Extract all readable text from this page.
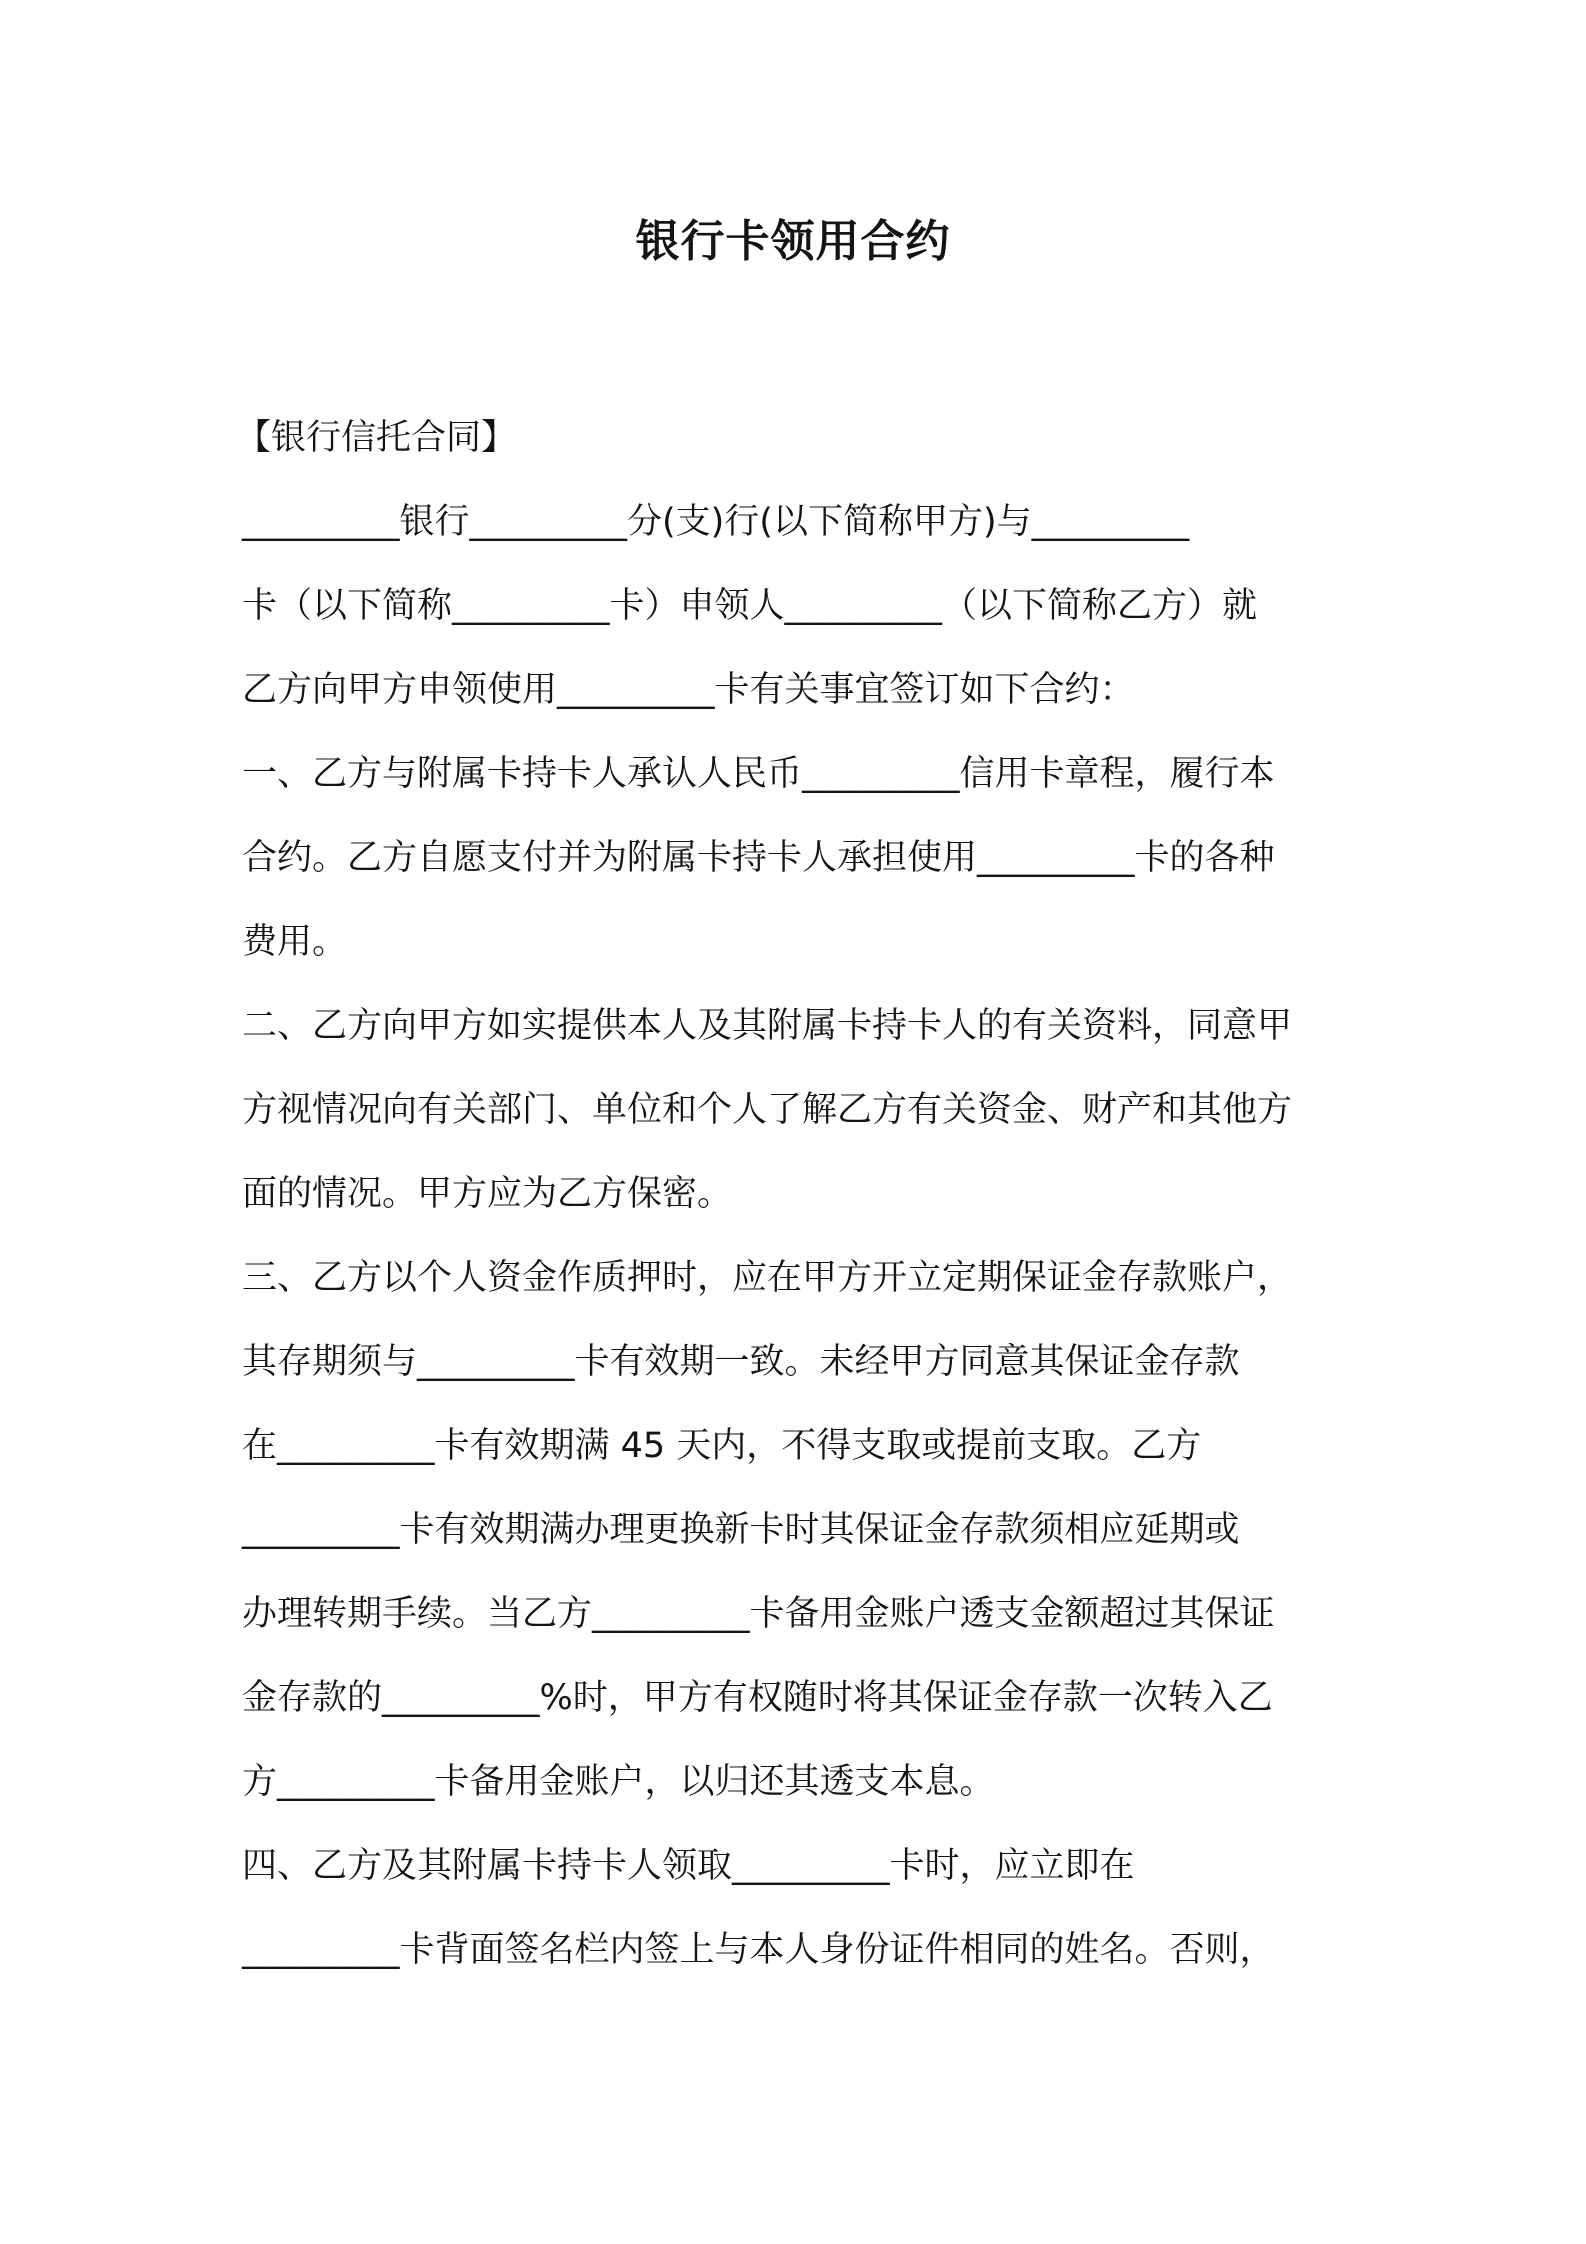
银行卡领用合约
【银行信托合同】
_________银行_________分(支)行(以下简称甲方)与_________
卡（以下简称_________卡）申领人_________（以下简称乙方）就
乙方向甲方申领使用_________卡有关事宜签订如下合约：
一、乙方与附属卡持卡人承认人民币_________信用卡章程，履行本
合约。乙方自愿支付并为附属卡持卡人承担使用_________卡的各种
费用。
二、乙方向甲方如实提供本人及其附属卡持卡人的有关资料，同意甲
方视情况向有关部门、单位和个人了解乙方有关资金、财产和其他方
面的情况。甲方应为乙方保密。
三、乙方以个人资金作质押时，应在甲方开立定期保证金存款账户，
其存期须与_________卡有效期一致。未经甲方同意其保证金存款
在_________卡有效期满 45 天内，不得支取或提前支取。乙方
_________卡有效期满办理更换新卡时其保证金存款须相应延期或
办理转期手续。当乙方_________卡备用金账户透支金额超过其保证
金存款的_________%时，甲方有权随时将其保证金存款一次转入乙
方_________卡备用金账户，以归还其透支本息。
四、乙方及其附属卡持卡人领取_________卡时，应立即在
_________卡背面签名栏内签上与本人身份证件相同的姓名。否则，
